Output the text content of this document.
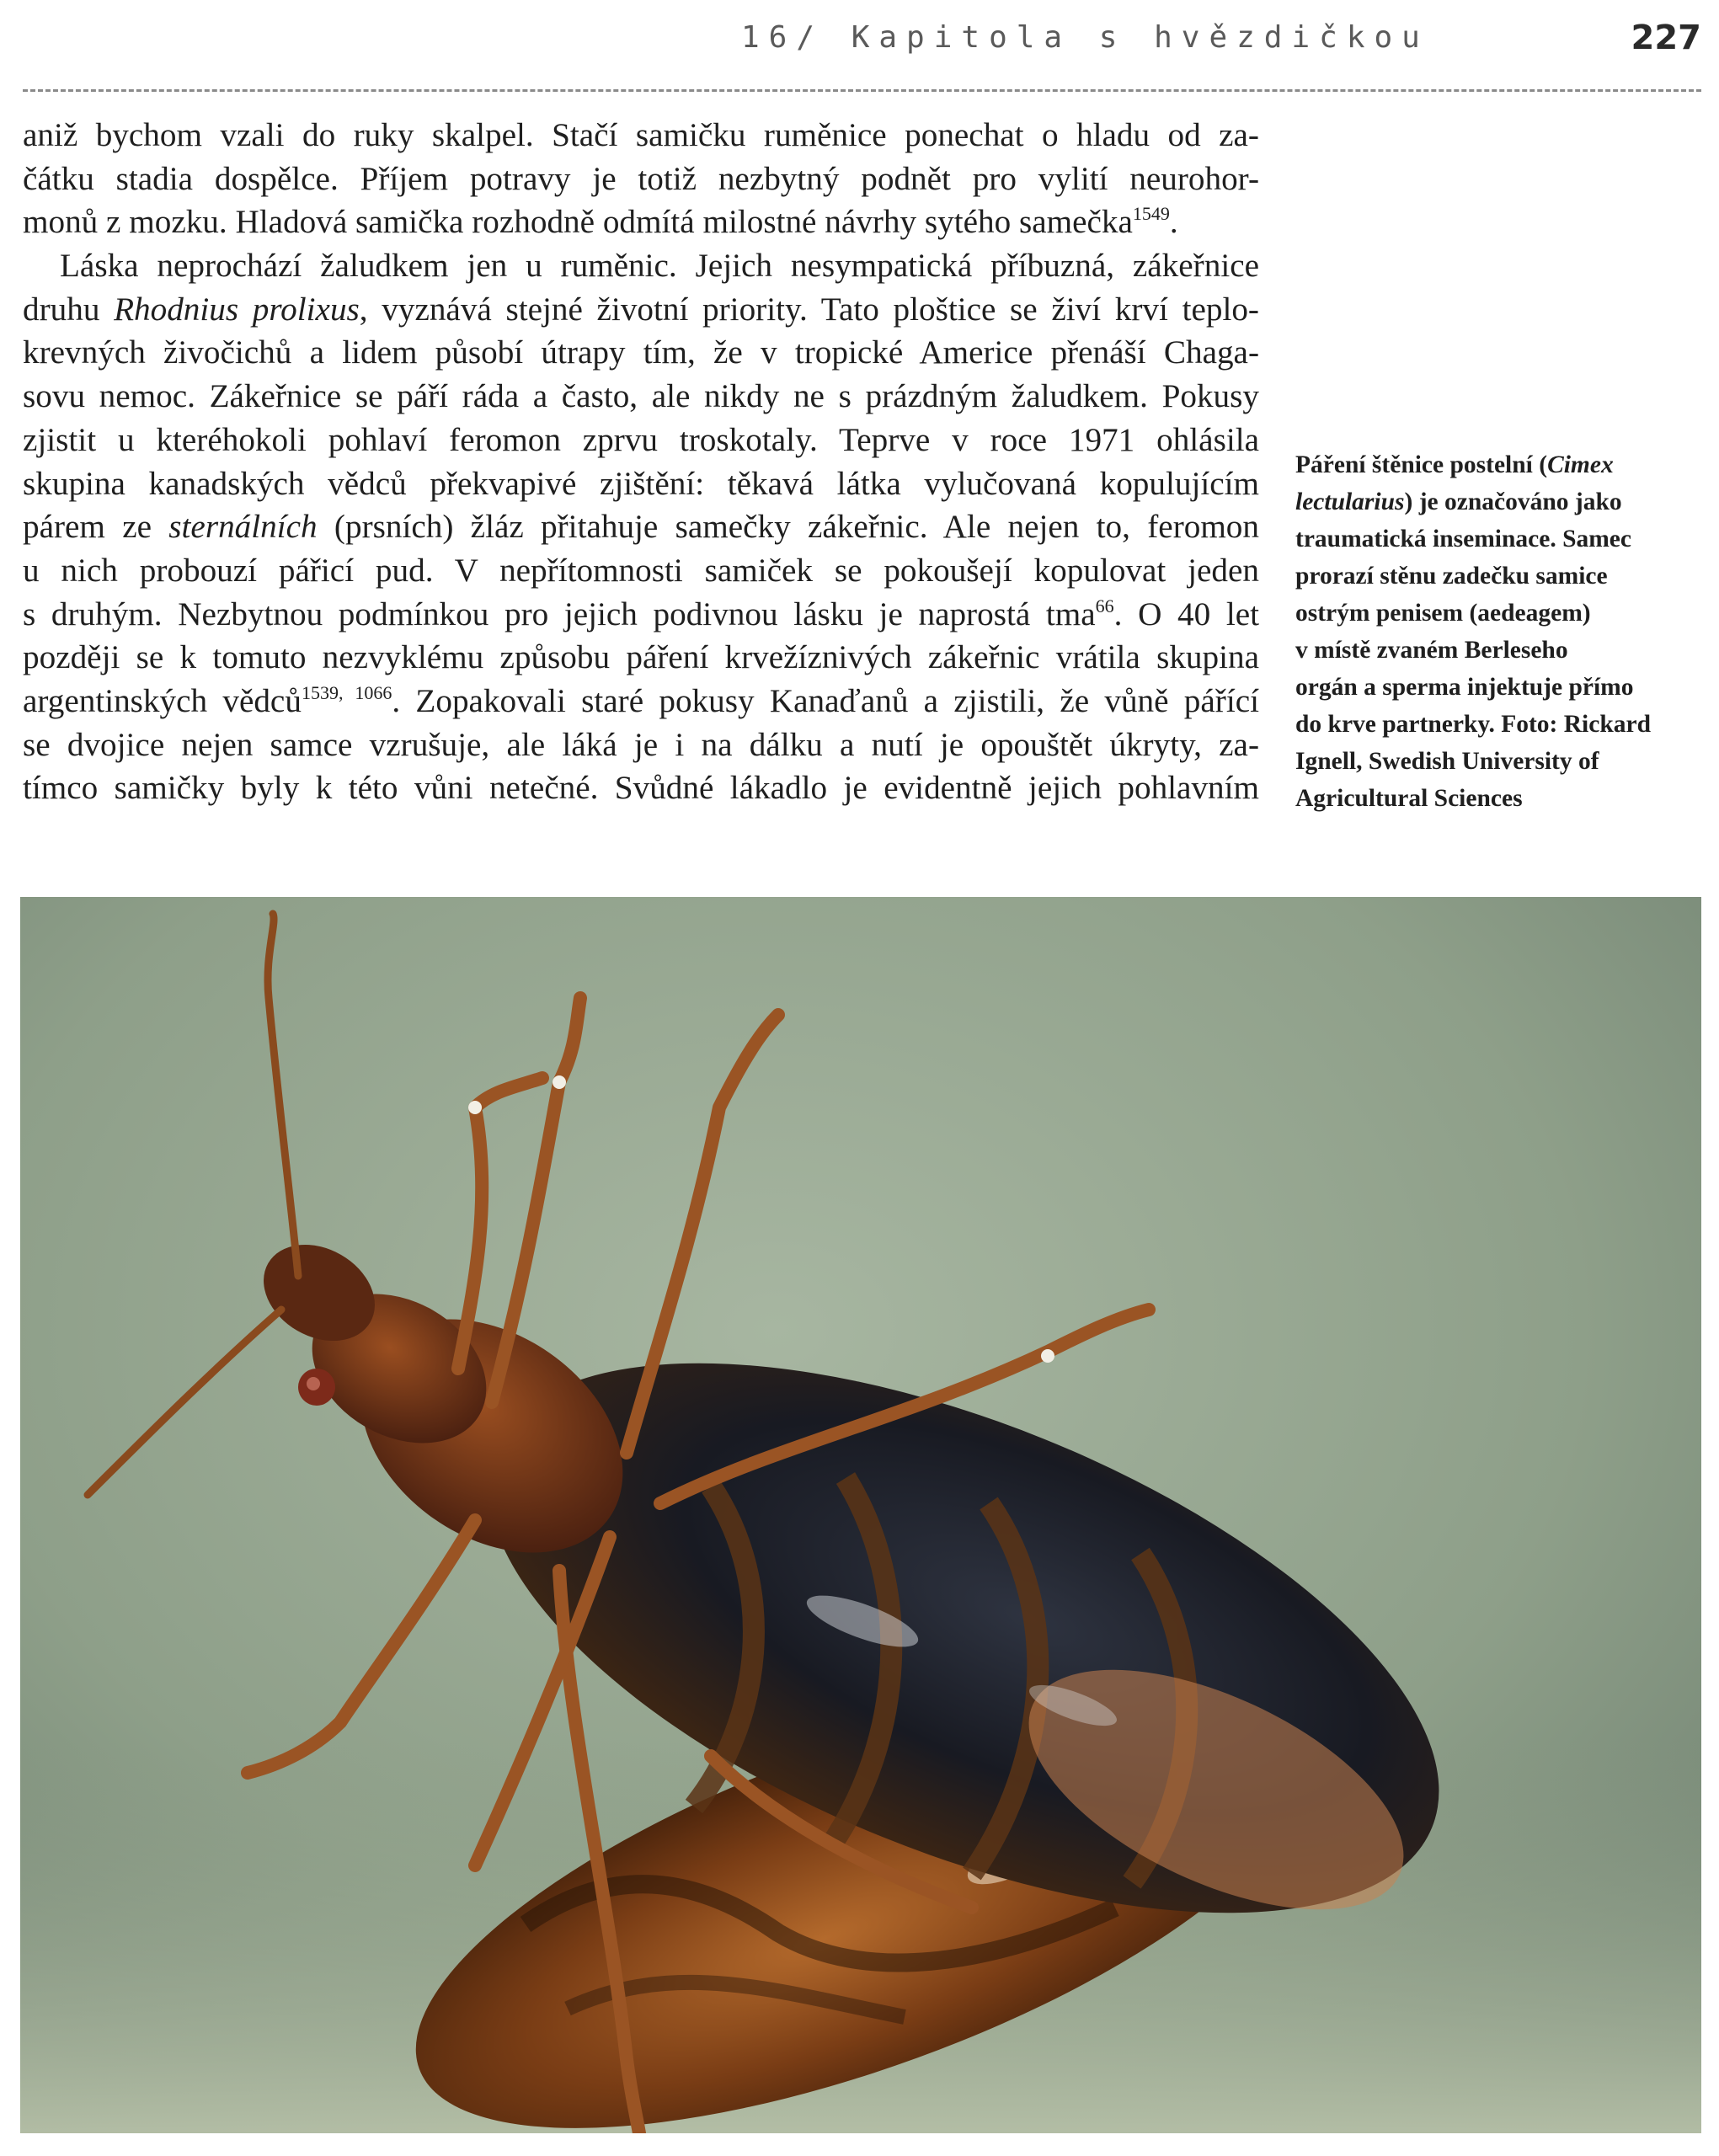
16/ Kapitola s hvězdičkou	227
aniž bychom vzali do ruky skalpel. Stačí samičku ruměnice ponechat o hladu od za-
čátku stadia dospělce. Příjem potravy je totiž nezbytný podnět pro vylití neurohor-
monů z mozku. Hladová samička rozhodně odmítá milostné návrhy sytého samečka$^{1549}$.
Láska neprochází žaludkem jen u ruměnic. Jejich nesympatická příbuzná, zákeřnice
druhu Rhodnius prolixus, vyznává stejné životní priority. Tato ploštice se živí krví teplo-
krevných živočichů a lidem působí útrapy tím, že v tropické Americe přenáší Chaga-
sovu nemoc. Zákeřnice se páří ráda a často, ale nikdy ne s prázdným žaludkem. Pokusy
zjistit u kteréhokoli pohlaví feromon zprvu troskotaly. Teprve v roce 1971 ohlásila
skupina kanadských vědců překvapivé zjištění: těkavá látka vylučovaná kopulujícím
párem ze sternálních (prsních) žláz přitahuje samečky zákeřnic. Ale nejen to, feromon
u nich probouzí pářicí pud. V nepřítomnosti samiček se pokoušejí kopulovat jeden
s druhým. Nezbytnou podmínkou pro jejich podivnou lásku je naprostá tma$^{66}$. O 40 let
později se k tomuto nezvyklému způsobu páření krvežíznivých zákeřnic vrátila skupina
argentinských vědců$^{1539, 1066}$. Zopakovali staré pokusy Kanaďanů a zjistili, že vůně pářící
se dvojice nejen samce vzrušuje, ale láká je i na dálku a nutí je opouštět úkryty, za-
tímco samičky byly k této vůni netečné. Svůdné lákadlo je evidentně jejich pohlavním
Páření štěnice postelní (Cimex
lectularius) je označováno jako
traumatická inseminace. Samec
prorazí stěnu zadečku samice
ostrým penisem (aedeagem)
v místě zvaném Berleseho
orgán a sperma injektuje přímo
do krve partnerky. Foto: Rickard
Ignell, Swedish University of
Agricultural Sciences
